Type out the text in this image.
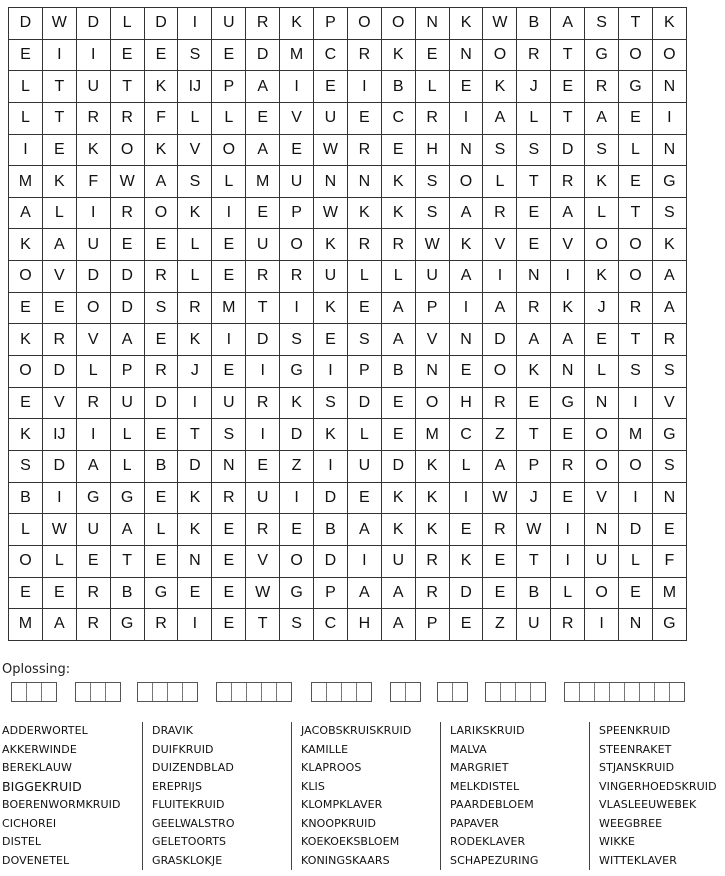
D	W	D	L	D	I	U	R	K	P	O	O	N	K	W	B	A	S	T	K
E	I	I	E	E	S	E	D	M	C	R	K	E	N	O	R	T	G	O	O
L	T	U	T	K	IJ	P	A	I	E	I	B	L	E	K	J	E	R	G	N
L	T	R	R	F	L	L	E	V	U	E	C	R	I	A	L	T	A	E	I
I	E	K	O	K	V	O	A	E	W	R	E	H	N	S	S	D	S	L	N
M	K	F	W	A	S	L	M	U	N	N	K	S	O	L	T	R	K	E	G
A	L	I	R	O	K	I	E	P	W	K	K	S	A	R	E	A	L	T	S
K	A	U	E	E	L	E	U	O	K	R	R	W	K	V	E	V	O	O	K
O	V	D	D	R	L	E	R	R	U	L	L	U	A	I	N	I	K	O	A
E	E	O	D	S	R	M	T	I	K	E	A	P	I	A	R	K	J	R	A
K	R	V	A	E	K	I	D	S	E	S	A	V	N	D	A	A	E	T	R
O	D	L	P	R	J	E	I	G	I	P	B	N	E	O	K	N	L	S	S
E	V	R	U	D	I	U	R	K	S	D	E	O	H	R	E	G	N	I	V
K	IJ	I	L	E	T	S	I	D	K	L	E	M	C	Z	T	E	O	M	G
S	D	A	L	B	D	N	E	Z	I	U	D	K	L	A	P	R	O	O	S
B	I	G	G	E	K	R	U	I	D	E	K	K	I	W	J	E	V	I	N
L	W	U	A	L	K	E	R	E	B	A	K	K	E	R	W	I	N	D	E
O	L	E	T	E	N	E	V	O	D	I	U	R	K	E	T	I	U	L	F
E	E	R	B	G	E	E	W	G	P	A	A	R	D	E	B	L	O	E	M
M	A	R	G	R	I	E	T	S	C	H	A	P	E	Z	U	R	I	N	G
Oplossing:
ADDERWORTEL
AKKERWINDE
BEREKLAUW
BIGGEKRUID
BOERENWORMKRUID
CICHOREI
DISTEL
DOVENETEL
DRAVIK
DUIFKRUID
DUIZENDBLAD
EREPRIJS
FLUITEKRUID
GEELWALSTRO
GELETOORTS
GRASKLOKJE
JACOBSKRUISKRUID
KAMILLE
KLAPROOS
KLIS
KLOMPKLAVER
KNOOPKRUID
KOEKOEKSBLOEM
KONINGSKAARS
LARIKSKRUID
MALVA
MARGRIET
MELKDISTEL
PAARDEBLOEM
PAPAVER
RODEKLAVER
SCHAPEZURING
SPEENKRUID
STEENRAKET
STJANSKRUID
VINGERHOEDSKRUID
VLASLEEUWEBEK
WEEGBREE
WIKKE
WITTEKLAVER
